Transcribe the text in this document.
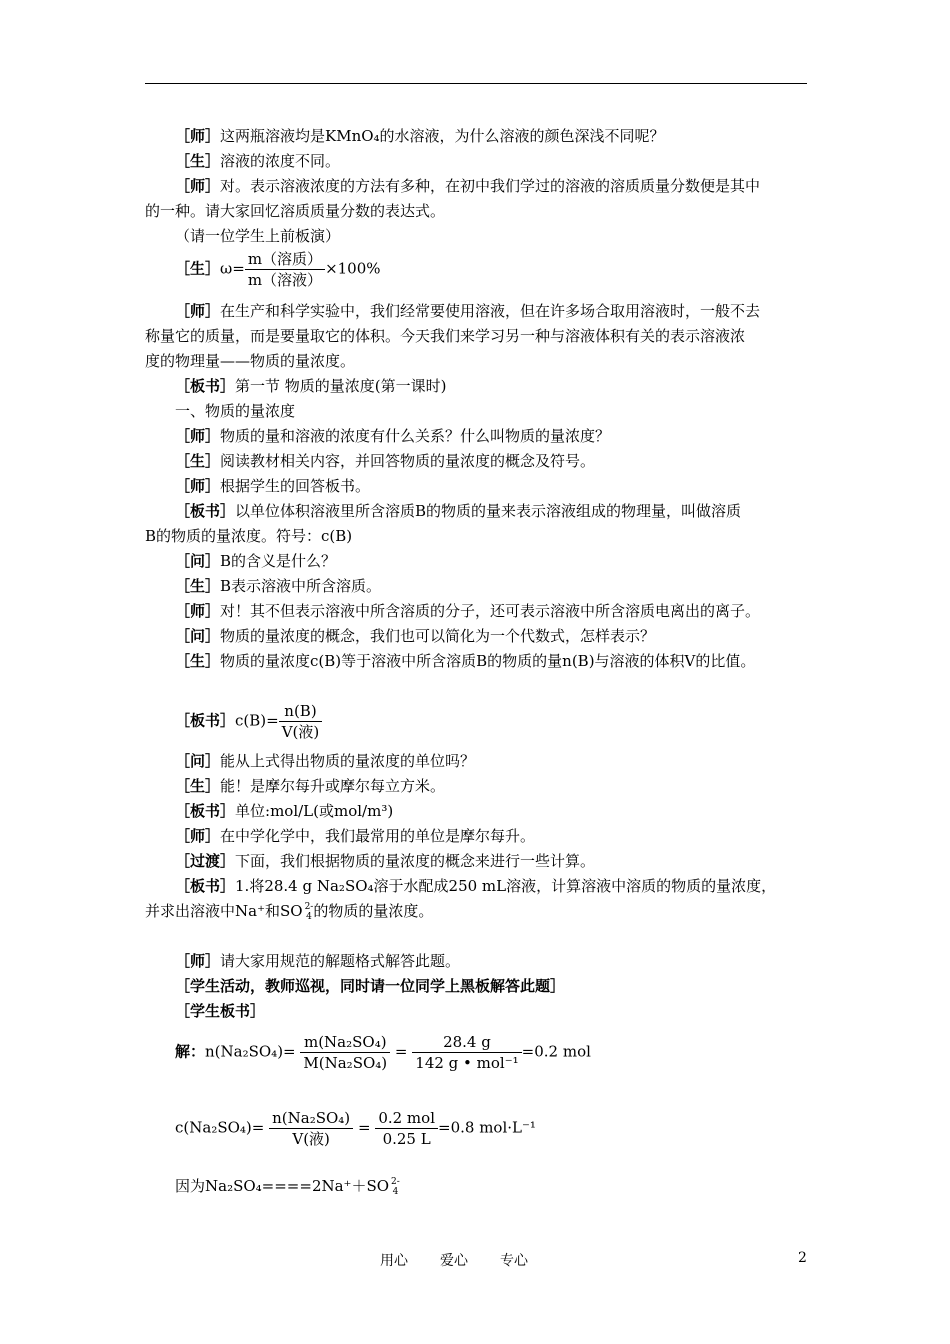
［师］这两瓶溶液均是KMnO₄的水溶液，为什么溶液的颜色深浅不同呢？
［生］溶液的浓度不同。
［师］对。表示溶液浓度的方法有多种，在初中我们学过的溶液的溶质质量分数便是其中
的一种。请大家回忆溶质质量分数的表达式。
（请一位学生上前板演）
［生］ω= $\frac{\text{m（溶质）}}{\text{m（溶液）}} \times 100\%$
［师］在生产和科学实验中，我们经常要使用溶液，但在许多场合取用溶液时，一般不去
称量它的质量，而是要量取它的体积。今天我们来学习另一种与溶液体积有关的表示溶液浓
度的物理量——物质的量浓度。
［板书］第一节 物质的量浓度(第一课时)
一、物质的量浓度
［师］物质的量和溶液的浓度有什么关系？什么叫物质的量浓度？
［生］阅读教材相关内容，并回答物质的量浓度的概念及符号。
［师］根据学生的回答板书。
［板书］以单位体积溶液里所含溶质B的物质的量来表示溶液组成的物理量，叫做溶质
B的物质的量浓度。符号：c(B)
［问］B的含义是什么？
［生］B表示溶液中所含溶质。
［师］对！其不但表示溶液中所含溶质的分子，还可表示溶液中所含溶质电离出的离子。
［问］物质的量浓度的概念，我们也可以简化为一个代数式，怎样表示？
［生］物质的量浓度c(B)等于溶液中所含溶质B的物质的量n(B)与溶液的体积V的比值。
［板书］c(B)= $\frac{n(B)}{\text{V(液)}}$
［问］能从上式得出物质的量浓度的单位吗？
［生］能！是摩尔每升或摩尔每立方米。
［板书］单位:mol/L(或mol/m³)
［师］在中学化学中，我们最常用的单位是摩尔每升。
［过渡］下面，我们根据物质的量浓度的概念来进行一些计算。
［板书］1.将28.4 g Na₂SO₄溶于水配成250 mL溶液，计算溶液中溶质的物质的量浓度，
并求出溶液中Na⁺和SO 2-
4 的物质的量浓度。
［师］请大家用规范的解题格式解答此题。
［学生活动，教师巡视，同时请一位同学上黑板解答此题］
［学生板书］
解：$n(Na_2SO_4)= \frac{\text{m(Na₂SO₄)}}{\text{M(Na₂SO₄)}} = \frac{28.4 g}{\text{142 g • mol⁻¹}} =0.2$ mol
$c(Na_2SO_4)= \frac{\text{n(Na₂SO₄)}}{\text{V(液)}} = \frac{\text{0.2 mol}}{0.25 L} =0.8$ mol·L⁻¹
因为Na₂SO₄====2Na⁺＋SO 2-
4
用心 爱心 专心	2
